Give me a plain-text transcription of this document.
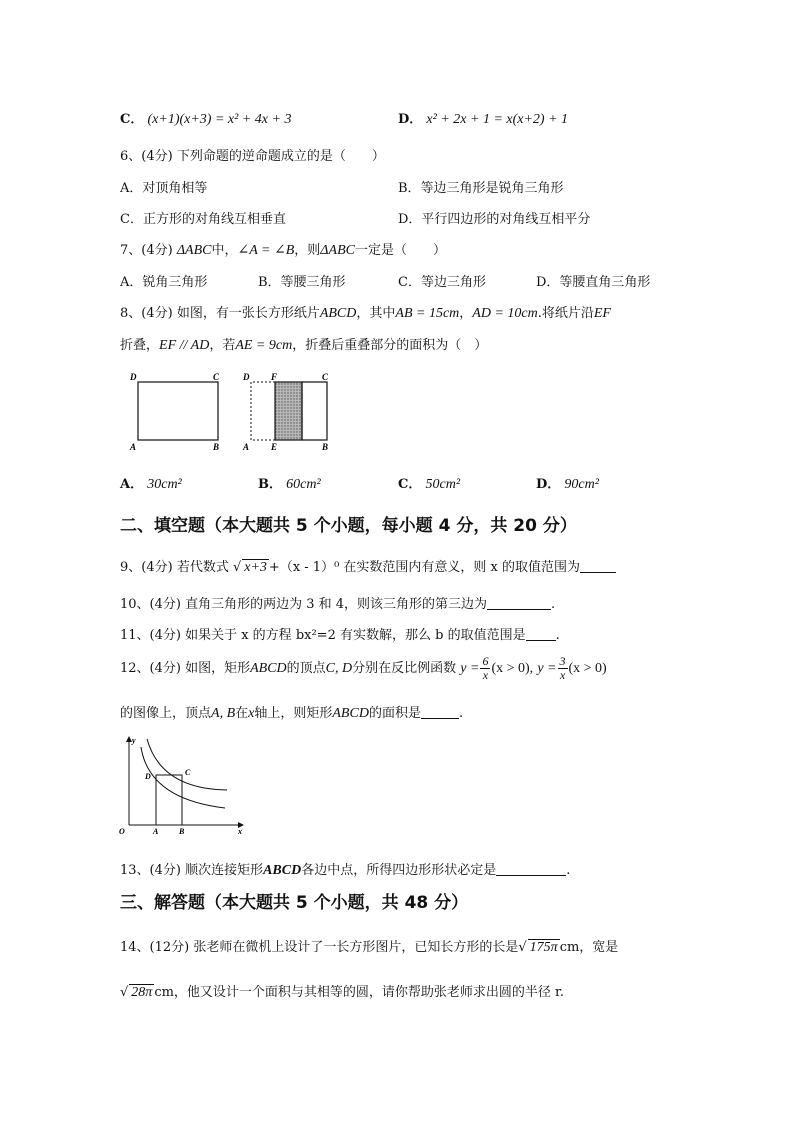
C． (x+1)(x+3) = x² + 4x + 3	D． x² + 2x + 1 = x(x+2) + 1
6、(4分) 下列命题的逆命题成立的是（　　）
A．对顶角相等	B．等边三角形是锐角三角形
C．正方形的对角线互相垂直	D．平行四边形的对角线互相平分
7、(4分) ΔABC中，∠A = ∠B，则ΔABC一定是（　　）
A．锐角三角形	B．等腰三角形	C．等边三角形	D．等腰直角三角形
8、(4分) 如图，有一张长方形纸片ABCD，其中AB = 15cm，AD = 10cm.将纸片沿EF
折叠，EF // AD，若AE = 9cm，折叠后重叠部分的面积为（　）
D	C
A	B
D F	C
A E	B
A． 30cm²	B． 60cm²	C． 50cm²	D． 90cm²
二、填空题（本大题共 5 个小题，每小题 4 分，共 20 分）
9、(4分) 若代数式 √ x+3 +（x - 1）⁰ 在实数范围内有意义，则 x 的取值范围为
10、(4分) 直角三角形的两边为 3 和 4，则该三角形的第三边为	.
11、(4分) 如果关于 x 的方程 bx²=2 有实数解，那么 b 的取值范围是 .
12、(4分) 如图，矩形ABCD的顶点C, D分别在反比例函数 $y = \frac{6}{x} (x > 0)$, $y = \frac{3}{x} (x > 0)$
的图像上，顶点A, B在x轴上，则矩形ABCD的面积是	.
y
x
O
D	C
A	B
13、(4分) 顺次连接矩形ABCD各边中点，所得四边形形状必定是	.
三、解答题（本大题共 5 个小题，共 48 分）
14、(12分) 张老师在微机上设计了一长方形图片，已知长方形的长是√ 175π cm，宽是
√ 28π cm，他又设计一个面积与其相等的圆，请你帮助张老师求出圆的半径 r.
